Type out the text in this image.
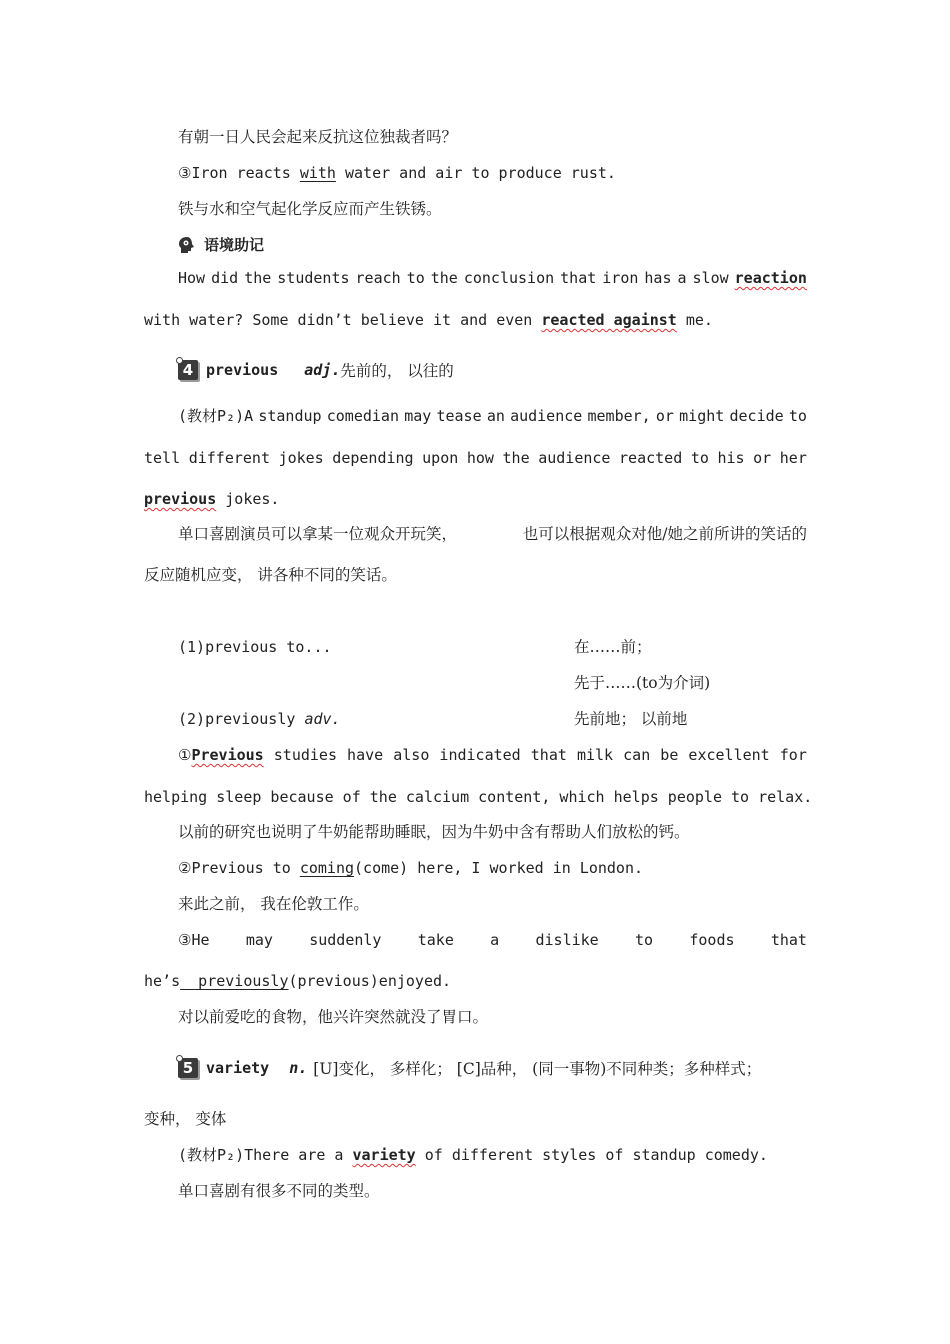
有朝一日人民会起来反抗这位独裁者吗？
③Iron reacts with water and air to produce rust.
铁与水和空气起化学反应而产生铁锈。
语境助记
How did the students reach to the conclusion that iron has a slow reaction
with water? Some didn’t believe it and even reacted against me.
4 previous adj. 先前的， 以往的
(教材P₂)A standup comedian may tease an audience member, or might decide to
tell different jokes depending upon how the audience reacted to his or her
previous jokes.
单口喜剧演员可以拿某一位观众开玩笑，	也可以根据观众对他/她之前所讲的笑话的
反应随机应变， 讲各种不同的笑话。
(1)previous to...	在……前；
先于……(to为介词)
(2)previously adv.	先前地； 以前地
①Previous studies have also indicated that milk can be excellent for
helping sleep because of the calcium content, which helps people to relax.
以前的研究也说明了牛奶能帮助睡眠，因为牛奶中含有帮助人们放松的钙。
②Previous to coming(come) here, I worked in London.
来此之前， 我在伦敦工作。
③He may suddenly take a dislike to foods that
he’s  previously(previous)enjoyed.
对以前爱吃的食物，他兴许突然就没了胃口。
5 variety n. [U]变化， 多样化； [C]品种， (同一事物)不同种类；多种样式；
变种， 变体
(教材P₂)There are a variety of different styles of standup comedy.
单口喜剧有很多不同的类型。
